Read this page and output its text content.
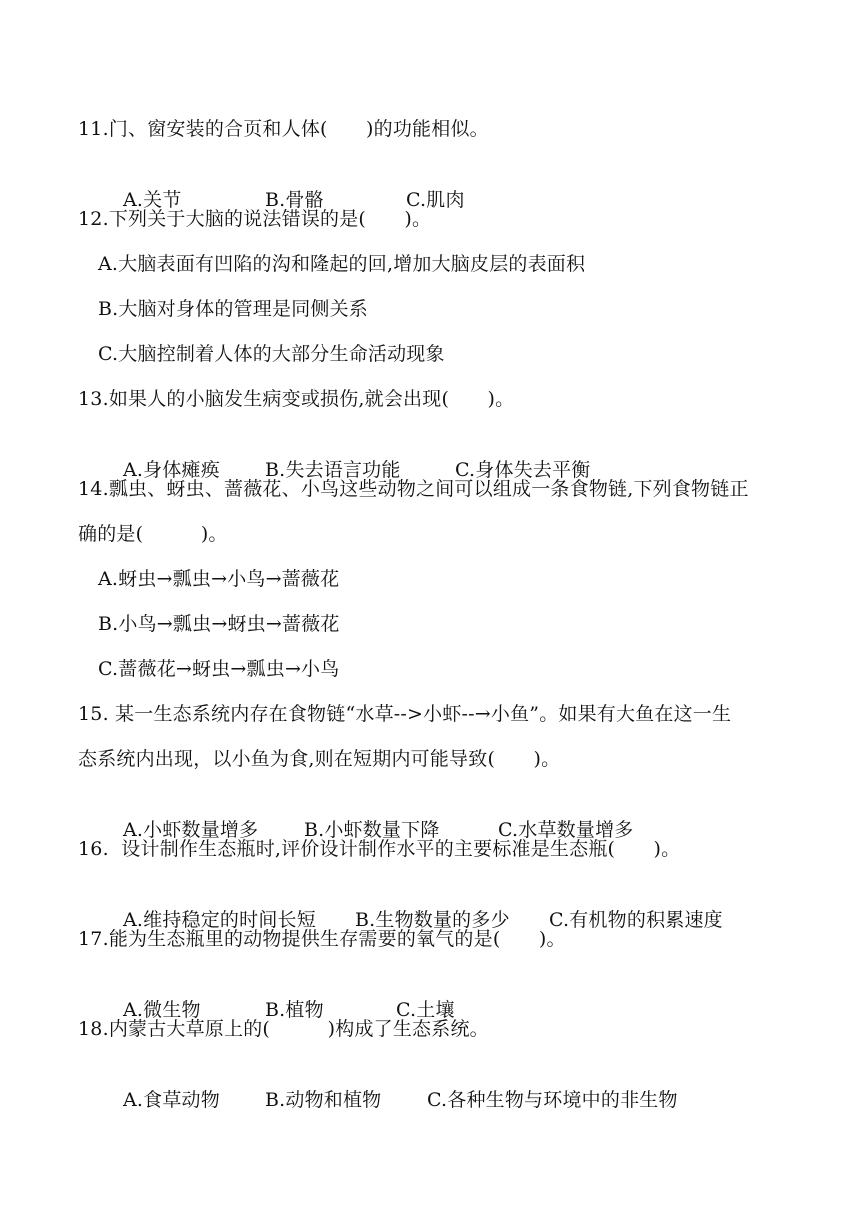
11.门、窗安装的合页和人体(　　)的功能相似。

A.关节	B.骨骼	C.肌肉

12.下列关于大脑的说法错误的是(　　)。
A.大脑表面有凹陷的沟和隆起的回,增加大脑皮层的表面积
B.大脑对身体的管理是同侧关系
C.大脑控制着人体的大部分生命活动现象
13.如果人的小脑发生病变或损伤,就会出现(　　)。

A.身体瘫痪 B.失去语言功能	C.身体失去平衡

14.瓢虫、蚜虫、蔷薇花、小鸟这些动物之间可以组成一条食物链,下列食物链正
确的是(　　　)。
A.蚜虫→瓢虫→小鸟→蔷薇花
B.小鸟→瓢虫→蚜虫→蔷薇花
C.蔷薇花→蚜虫→瓢虫→小鸟
15. 某一生态系统内存在食物链“水草-->小虾--→小鱼”。如果有大鱼在这一生
态系统内出现，以小鱼为食,则在短期内可能导致(　　)。

A.小虾数量增多 B.小虾数量下降	C.水草数量增多

16.  设计制作生态瓶时,评价设计制作水平的主要标准是生态瓶(　　)。

A.维持稳定的时间长短 B.生物数量的多少 C.有机物的积累速度

17.能为生态瓶里的动物提供生存需要的氧气的是(　　)。

A.微生物	B.植物	C.土壤

18.内蒙古大草原上的(　　　)构成了生态系统。

A.食草动物 B.动物和植物 C.各种生物与环境中的非生物
